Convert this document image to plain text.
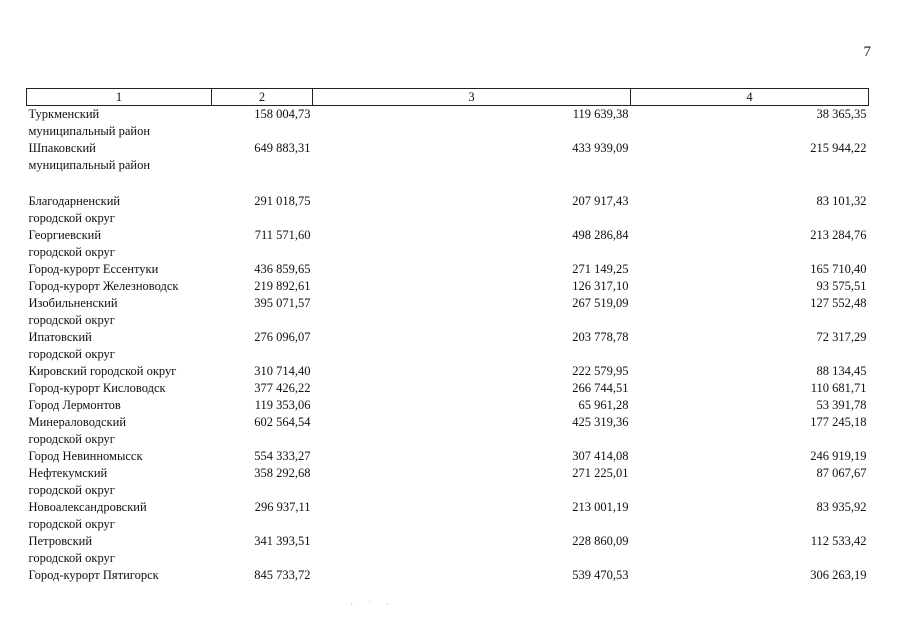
7
1	2	3	4

Туркменский
муниципальный район	158 004,73	119 639,38	38 365,35

Шпаковский
муниципальный район	649 883,31	433 939,09	215 944,22

Благодарненский
городской округ	291 018,75	207 917,43	83 101,32

Георгиевский
городской округ	711 571,60	498 286,84	213 284,76

Город-курорт Ессентуки	436 859,65	271 149,25	165 710,40

Город-курорт Железноводск	219 892,61	126 317,10	93 575,51

Изобильненский
городской округ	395 071,57	267 519,09	127 552,48

Ипатовский
городской округ	276 096,07	203 778,78	72 317,29

Кировский городской округ	310 714,40	222 579,95	88 134,45

Город-курорт Кисловодск	377 426,22	266 744,51	110 681,71

Город Лермонтов	119 353,06	65 961,28	53 391,78

Минераловодский
городской округ	602 564,54	425 319,36	177 245,18

Город Невинномысск	554 333,27	307 414,08	246 919,19

Нефтекумский
городской округ	358 292,68	271 225,01	87 067,67

Новоалександровский
городской округ	296 937,11	213 001,19	83 935,92

Петровский
городской округ	341 393,51	228 860,09	112 533,42

Город-курорт Пятигорск	845 733,72	539 470,53	306 263,19
· ˙ ·
